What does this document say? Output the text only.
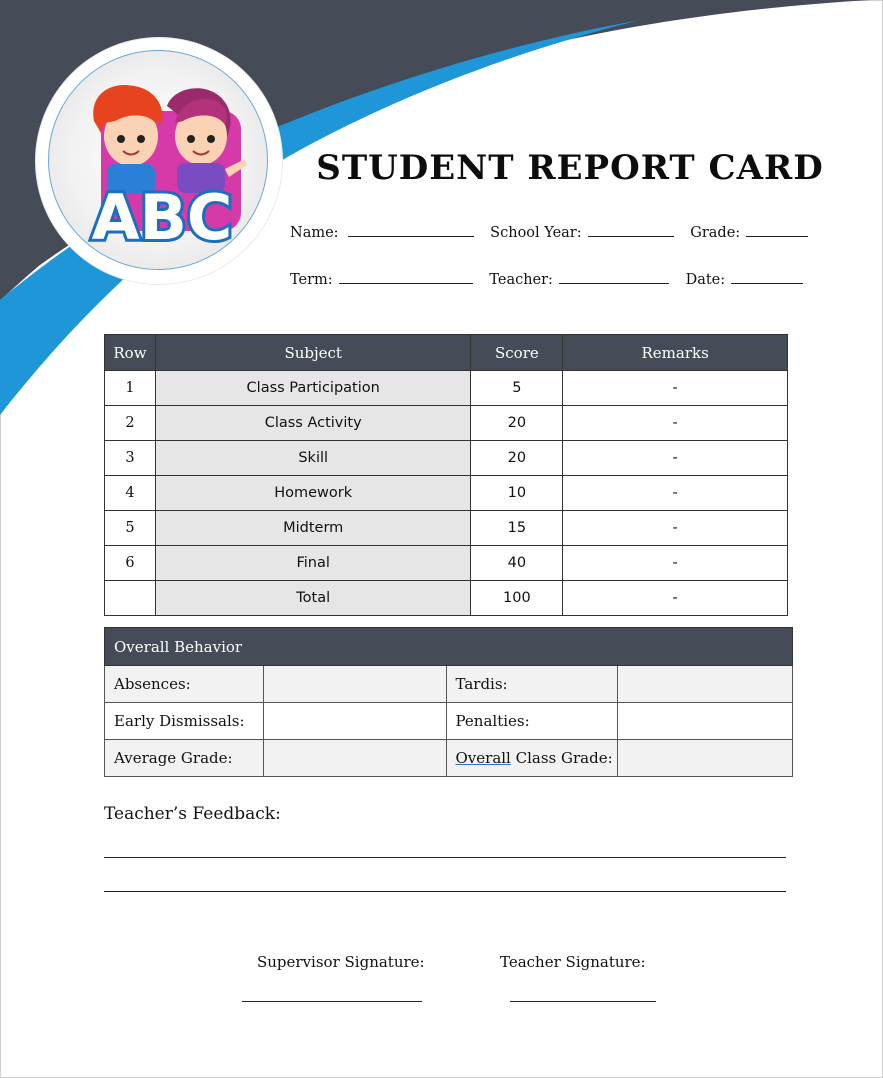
ABC
STUDENT REPORT CARD
Name:	School Year:	Grade:
Term:	Teacher:	Date:
Row	Subject	Score	Remarks
1	Class Participation	5	-
2	Class Activity	20	-
3	Skill	20	-
4	Homework	10	-
5	Midterm	15	-
6	Final	40	-
	Total	100	-
Overall Behavior			
Absences:		Tardis:	
Early Dismissals:		Penalties:	
Average Grade:		Overall Class Grade:	

Teacher’s Feedback:

Supervisor Signature:	Teacher Signature:
